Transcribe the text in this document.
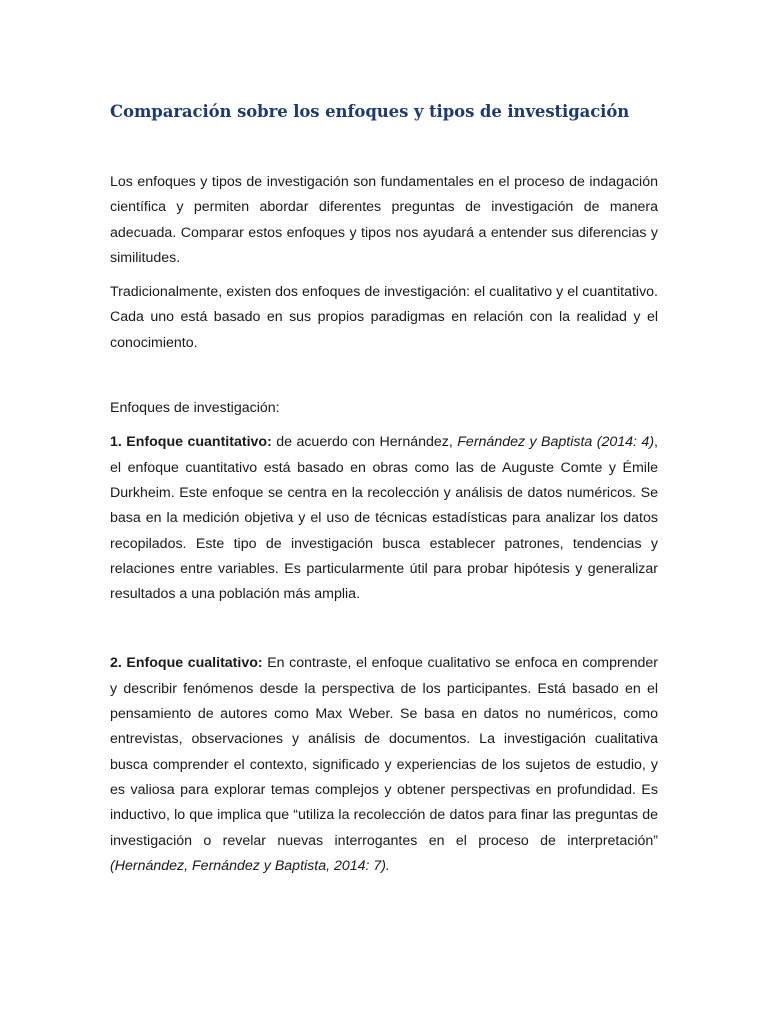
Comparación sobre los enfoques y tipos de investigación

Los enfoques y tipos de investigación son fundamentales en el proceso de indagación científica y permiten abordar diferentes preguntas de investigación de manera adecuada. Comparar estos enfoques y tipos nos ayudará a entender sus diferencias y similitudes.

Tradicionalmente, existen dos enfoques de investigación: el cualitativo y el cuantitativo. Cada uno está basado en sus propios paradigmas en relación con la realidad y el conocimiento.

Enfoques de investigación:

1. Enfoque cuantitativo: de acuerdo con Hernández, Fernández y Baptista (2014: 4), el enfoque cuantitativo está basado en obras como las de Auguste Comte y Émile Durkheim. Este enfoque se centra en la recolección y análisis de datos numéricos. Se basa en la medición objetiva y el uso de técnicas estadísticas para analizar los datos recopilados. Este tipo de investigación busca establecer patrones, tendencias y relaciones entre variables. Es particularmente útil para probar hipótesis y generalizar resultados a una población más amplia.

2. Enfoque cualitativo: En contraste, el enfoque cualitativo se enfoca en comprender y describir fenómenos desde la perspectiva de los participantes. Está basado en el pensamiento de autores como Max Weber. Se basa en datos no numéricos, como entrevistas, observaciones y análisis de documentos. La investigación cualitativa busca comprender el contexto, significado y experiencias de los sujetos de estudio, y es valiosa para explorar temas complejos y obtener perspectivas en profundidad. Es inductivo, lo que implica que “utiliza la recolección de datos para finar las preguntas de investigación o revelar nuevas interrogantes en el proceso de interpretación” (Hernández, Fernández y Baptista, 2014: 7).
